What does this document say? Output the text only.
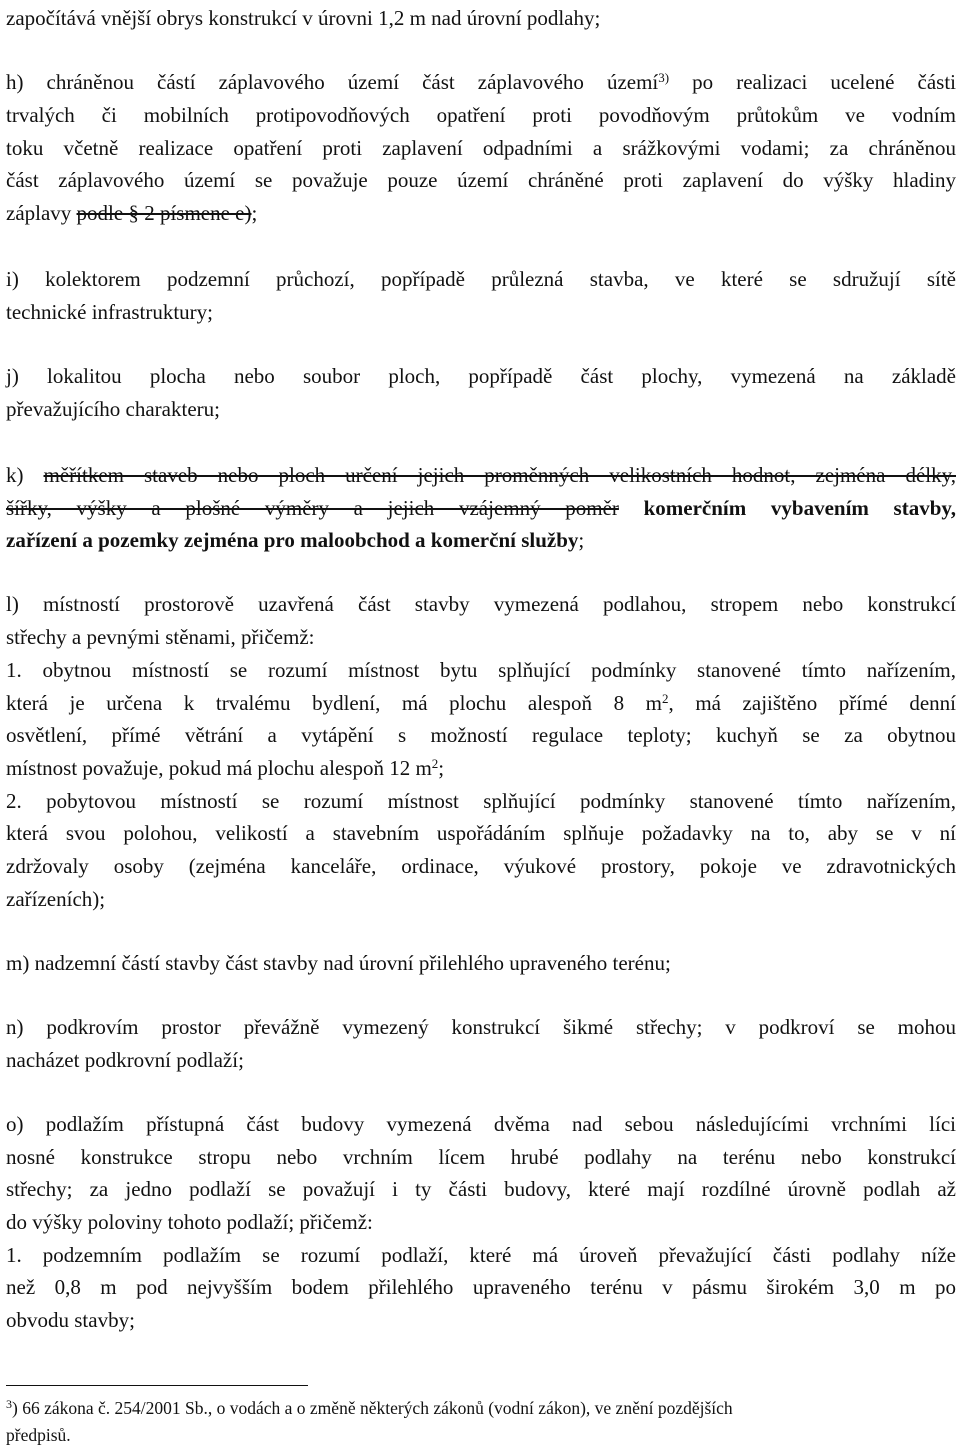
započítává vnější obrys konstrukcí v úrovni 1,2 m nad úrovní podlahy;
h) chráněnou částí záplavového území část záplavového území$^{3)}$ po realizaci ucelené části
trvalých či mobilních protipovodňových opatření proti povodňovým průtokům ve vodním
toku včetně realizace opatření proti zaplavení odpadními a srážkovými vodami; za chráněnou
část záplavového území se považuje pouze území chráněné proti zaplavení do výšky hladiny
záplavy podle § 2 písmene e);
i) kolektorem podzemní průchozí, popřípadě průlezná stavba, ve které se sdružují sítě
technické infrastruktury;
j) lokalitou plocha nebo soubor ploch, popřípadě část plochy, vymezená na základě
převažujícího charakteru;
k) měřítkem staveb nebo ploch určení jejich proměnných velikostních hodnot, zejména délky,
šířky, výšky a plošné výměry a jejich vzájemný poměr komerčním vybavením stavby,
zařízení a pozemky zejména pro maloobchod a komerční služby;
l) místností prostorově uzavřená část stavby vymezená podlahou, stropem nebo konstrukcí
střechy a pevnými stěnami, přičemž:
1. obytnou místností se rozumí místnost bytu splňující podmínky stanovené tímto nařízením,
která je určena k trvalému bydlení, má plochu alespoň 8 $m^2$, má zajištěno přímé denní
osvětlení, přímé větrání a vytápění s možností regulace teploty; kuchyň se za obytnou
místnost považuje, pokud má plochu alespoň 12 $m^2$;
2. pobytovou místností se rozumí místnost splňující podmínky stanovené tímto nařízením,
která svou polohou, velikostí a stavebním uspořádáním splňuje požadavky na to, aby se v ní
zdržovaly osoby (zejména kanceláře, ordinace, výukové prostory, pokoje ve zdravotnických
zařízeních);
m) nadzemní částí stavby část stavby nad úrovní přilehlého upraveného terénu;
n) podkrovím prostor převážně vymezený konstrukcí šikmé střechy; v podkroví se mohou
nacházet podkrovní podlaží;
o) podlažím přístupná část budovy vymezená dvěma nad sebou následujícími vrchními líci
nosné konstrukce stropu nebo vrchním lícem hrubé podlahy na terénu nebo konstrukcí
střechy; za jedno podlaží se považují i ty části budovy, které mají rozdílné úrovně podlah až
do výšky poloviny tohoto podlaží; přičemž:
1. podzemním podlažím se rozumí podlaží, které má úroveň převažující části podlahy níže
než 0,8 m pod nejvyšším bodem přilehlého upraveného terénu v pásmu širokém 3,0 m po
obvodu stavby;
$^3$) 66 zákona č. 254/2001 Sb., o vodách a o změně některých zákonů (vodní zákon), ve znění pozdějších
předpisů.
